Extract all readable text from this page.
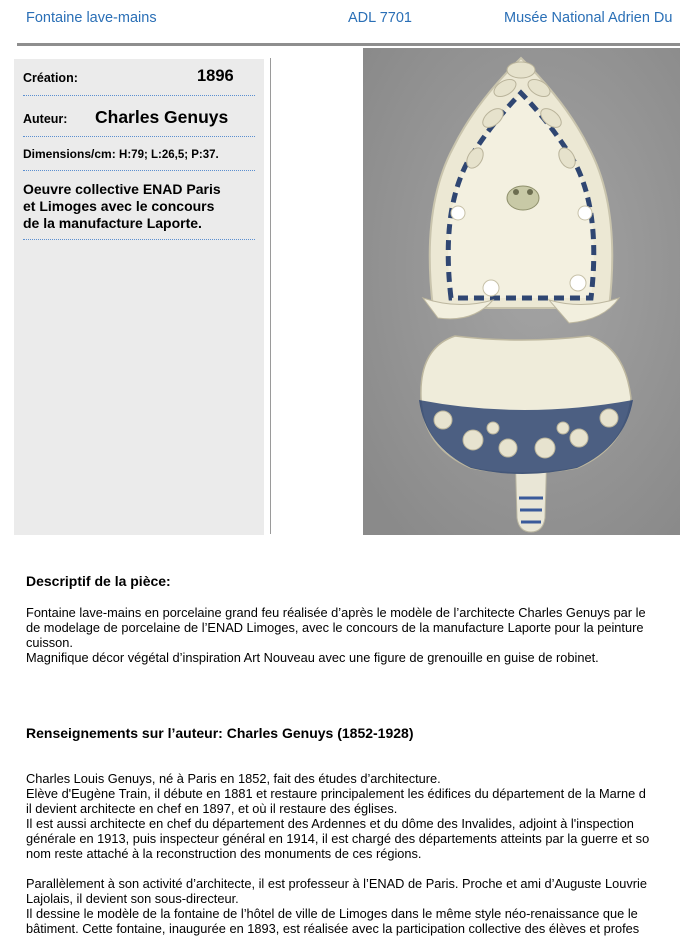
Fontaine lave-mains	ADL 7701	Musée National Adrien Du
Création:	1896
Auteur: Charles Genuys
Dimensions/cm: H:79; L:26,5; P:37.
Oeuvre collective ENAD Paris
et Limoges avec le concours
de la manufacture Laporte.
Descriptif de la pièce:
Fontaine lave-mains en porcelaine grand feu réalisée d’après le modèle de l’architecte Charles Genuys par le
de modelage de porcelaine de l’ENAD Limoges, avec le concours de la manufacture Laporte pour la peinture
cuisson.
Magnifique décor végétal d’inspiration Art Nouveau avec une figure de grenouille en guise de robinet.
Renseignements sur l’auteur: Charles Genuys (1852-1928)
Charles Louis Genuys, né à Paris en 1852, fait des études d’architecture.
Elève d'Eugène Train, il débute en 1881 et restaure principalement les édifices du département de la Marne d
il devient architecte en chef en 1897, et où il restaure des églises.
Il est aussi architecte en chef du département des Ardennes et du dôme des Invalides, adjoint à l'inspection
générale en 1913, puis inspecteur général en 1914, il est chargé des départements atteints par la guerre et so
nom reste attaché à la reconstruction des monuments de ces régions.
Parallèlement à son activité d’architecte, il est professeur à l’ENAD de Paris. Proche et ami d’Auguste Louvrie
Lajolais, il devient son sous-directeur.
Il dessine le modèle de la fontaine de l’hôtel de ville de Limoges dans le même style néo-renaissance que le
bâtiment. Cette fontaine, inaugurée en 1893, est réalisée avec la participation collective des élèves et profes
